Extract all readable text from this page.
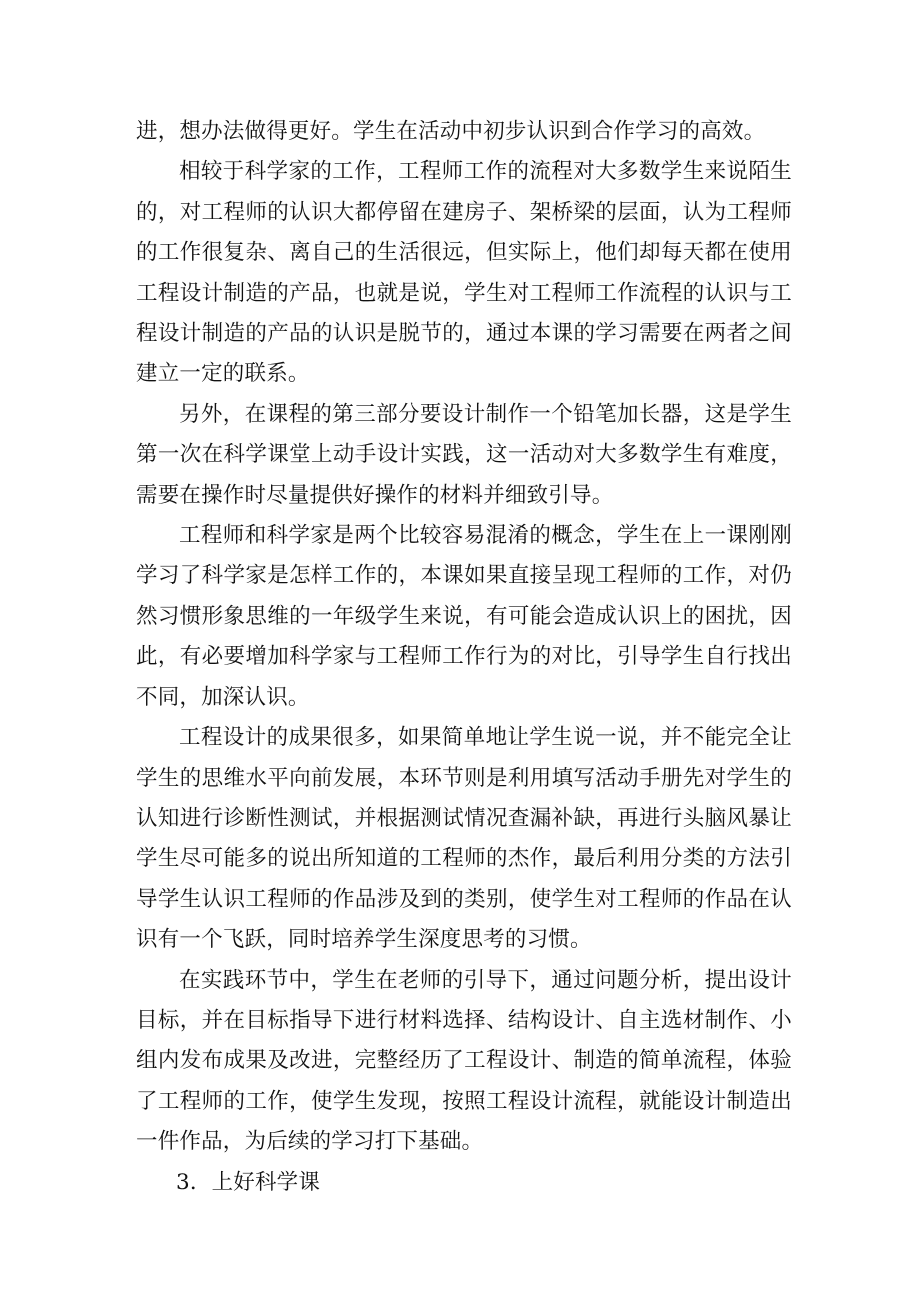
进，想办法做得更好。学生在活动中初步认识到合作学习的高效。

相较于科学家的工作，工程师工作的流程对大多数学生来说陌生的，对工程师的认识大都停留在建房子、架桥梁的层面，认为工程师的工作很复杂、离自己的生活很远，但实际上，他们却每天都在使用工程设计制造的产品，也就是说，学生对工程师工作流程的认识与工程设计制造的产品的认识是脱节的，通过本课的学习需要在两者之间建立一定的联系。

另外，在课程的第三部分要设计制作一个铅笔加长器，这是学生第一次在科学课堂上动手设计实践，这一活动对大多数学生有难度，需要在操作时尽量提供好操作的材料并细致引导。

工程师和科学家是两个比较容易混淆的概念，学生在上一课刚刚学习了科学家是怎样工作的，本课如果直接呈现工程师的工作，对仍然习惯形象思维的一年级学生来说，有可能会造成认识上的困扰，因此，有必要增加科学家与工程师工作行为的对比，引导学生自行找出不同，加深认识。

工程设计的成果很多，如果简单地让学生说一说，并不能完全让学生的思维水平向前发展，本环节则是利用填写活动手册先对学生的认知进行诊断性测试，并根据测试情况查漏补缺，再进行头脑风暴让学生尽可能多的说出所知道的工程师的杰作，最后利用分类的方法引导学生认识工程师的作品涉及到的类别，使学生对工程师的作品在认识有一个飞跃，同时培养学生深度思考的习惯。

在实践环节中，学生在老师的引导下，通过问题分析，提出设计目标，并在目标指导下进行材料选择、结构设计、自主选材制作、小组内发布成果及改进，完整经历了工程设计、制造的简单流程，体验了工程师的工作，使学生发现，按照工程设计流程，就能设计制造出一件作品，为后续的学习打下基础。

3．上好科学课
